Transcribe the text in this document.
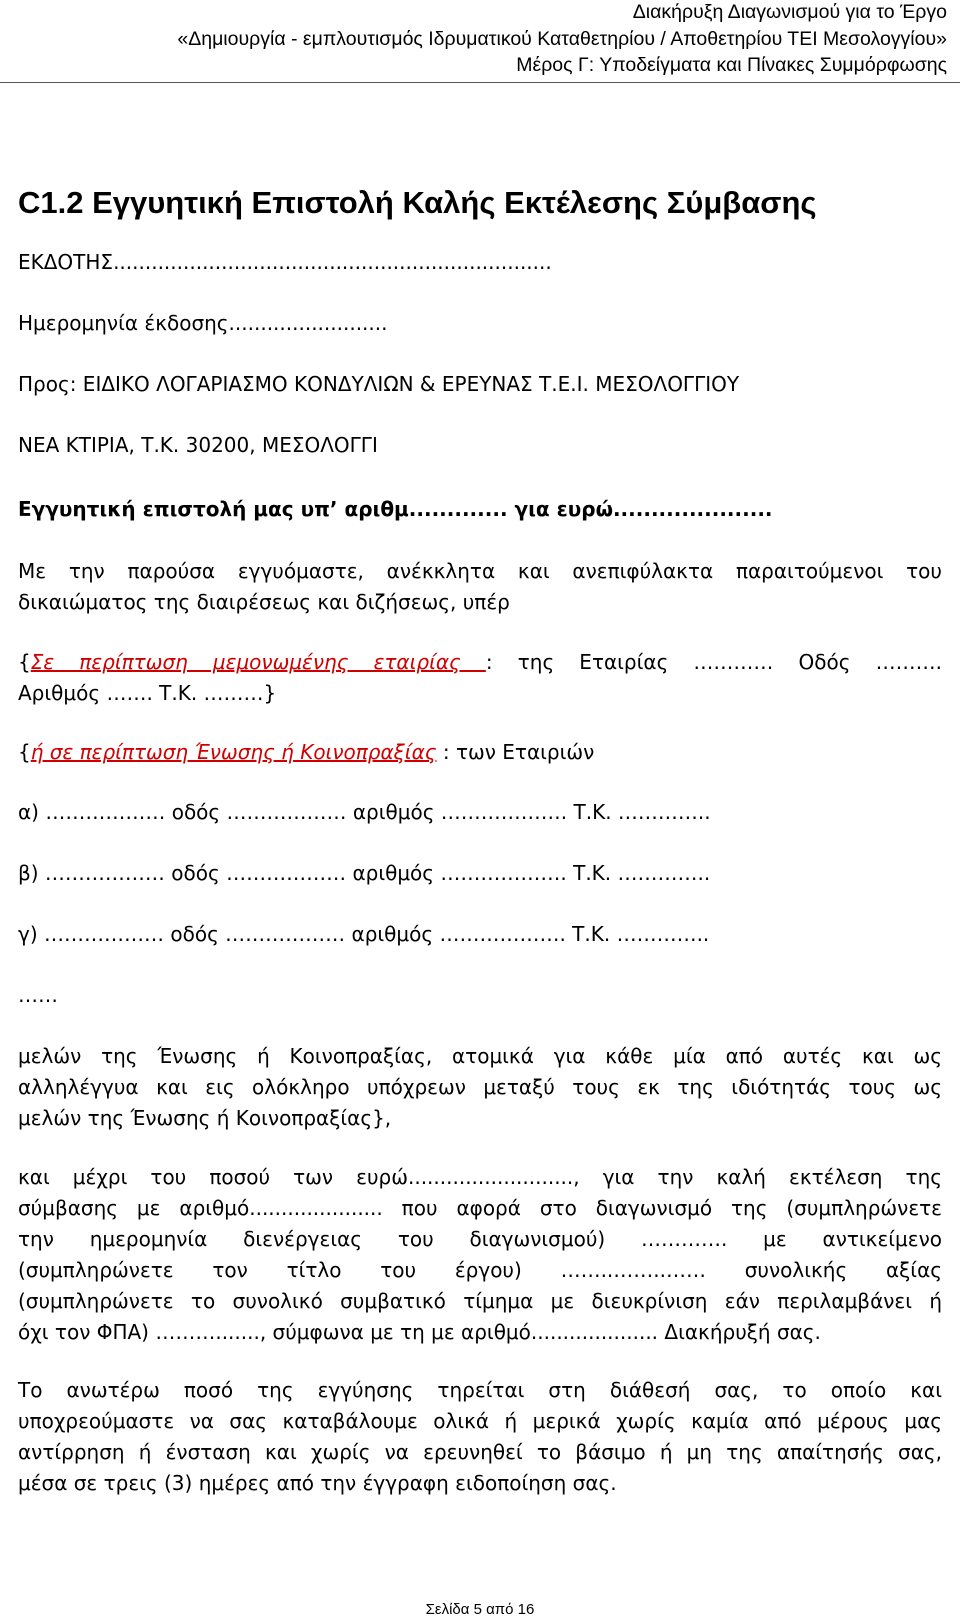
Διακήρυξη Διαγωνισμού για το Έργο
«Δημιουργία - εμπλουτισμός Ιδρυματικού Καταθετηρίου / Αποθετηρίου ΤΕΙ Μεσολογγίου»
Μέρος Γ: Υποδείγματα και Πίνακες Συμμόρφωσης
C1.2 Εγγυητική Επιστολή Καλής Εκτέλεσης Σύμβασης
ΕΚΔΟΤΗΣ.....................................................................
Ημερομηνία έκδοσης.........................
Προς: ΕΙΔΙΚΟ ΛΟΓΑΡΙΑΣΜΟ ΚΟΝΔΥΛΙΩΝ & ΕΡΕΥΝΑΣ Τ.Ε.Ι. ΜΕΣΟΛΟΓΓΙΟΥ
ΝΕΑ ΚΤΙΡΙΑ, Τ.Κ. 30200, ΜΕΣΟΛΟΓΓΙ
Εγγυητική επιστολή μας υπ’ αριθμ............. για ευρώ.....................
Με την παρούσα εγγυόμαστε, ανέκκλητα και ανεπιφύλακτα παραιτούμενοι του
δικαιώματος της διαιρέσεως και διζήσεως, υπέρ
{Σε περίπτωση μεμονωμένης εταιρίας : της Εταιρίας ………… Οδός ……….
Αριθμός ……. Τ.Κ. ………}
{ή σε περίπτωση Ένωσης ή Κοινοπραξίας : των Εταιριών
α) ……………… οδός ……………… αριθμός ………………. Τ.Κ. …………..
β) ……………… οδός ……………… αριθμός ………………. Τ.Κ. …………..
γ) ……………… οδός ……………… αριθμός ………………. Τ.Κ. …………..
……
μελών της Ένωσης ή Κοινοπραξίας, ατομικά για κάθε μία από αυτές και ως
αλληλέγγυα και εις ολόκληρο υπόχρεων μεταξύ τους εκ της ιδιότητάς τους ως
μελών της Ένωσης ή Κοινοπραξίας},
και μέχρι του ποσού των ευρώ.........................., για την καλή εκτέλεση της
σύμβασης με αριθμό..................... που αφορά στο διαγωνισμό της (συμπληρώνετε
την ημερομηνία διενέργειας του διαγωνισμού) …………. με αντικείμενο
(συμπληρώνετε τον τίτλο του έργου) ……..……..…… συνολικής αξίας
(συμπληρώνετε το συνολικό συμβατικό τίμημα με διευκρίνιση εάν περιλαμβάνει ή
όχι τον ΦΠΑ) ………......., σύμφωνα με τη με αριθμό.................... Διακήρυξή σας.
Το ανωτέρω ποσό της εγγύησης τηρείται στη διάθεσή σας, το οποίο και
υποχρεούμαστε να σας καταβάλουμε ολικά ή μερικά χωρίς καμία από μέρους μας
αντίρρηση ή ένσταση και χωρίς να ερευνηθεί το βάσιμο ή μη της απαίτησής σας,
μέσα σε τρεις (3) ημέρες από την έγγραφη ειδοποίηση σας.
Σελίδα 5 από 16
